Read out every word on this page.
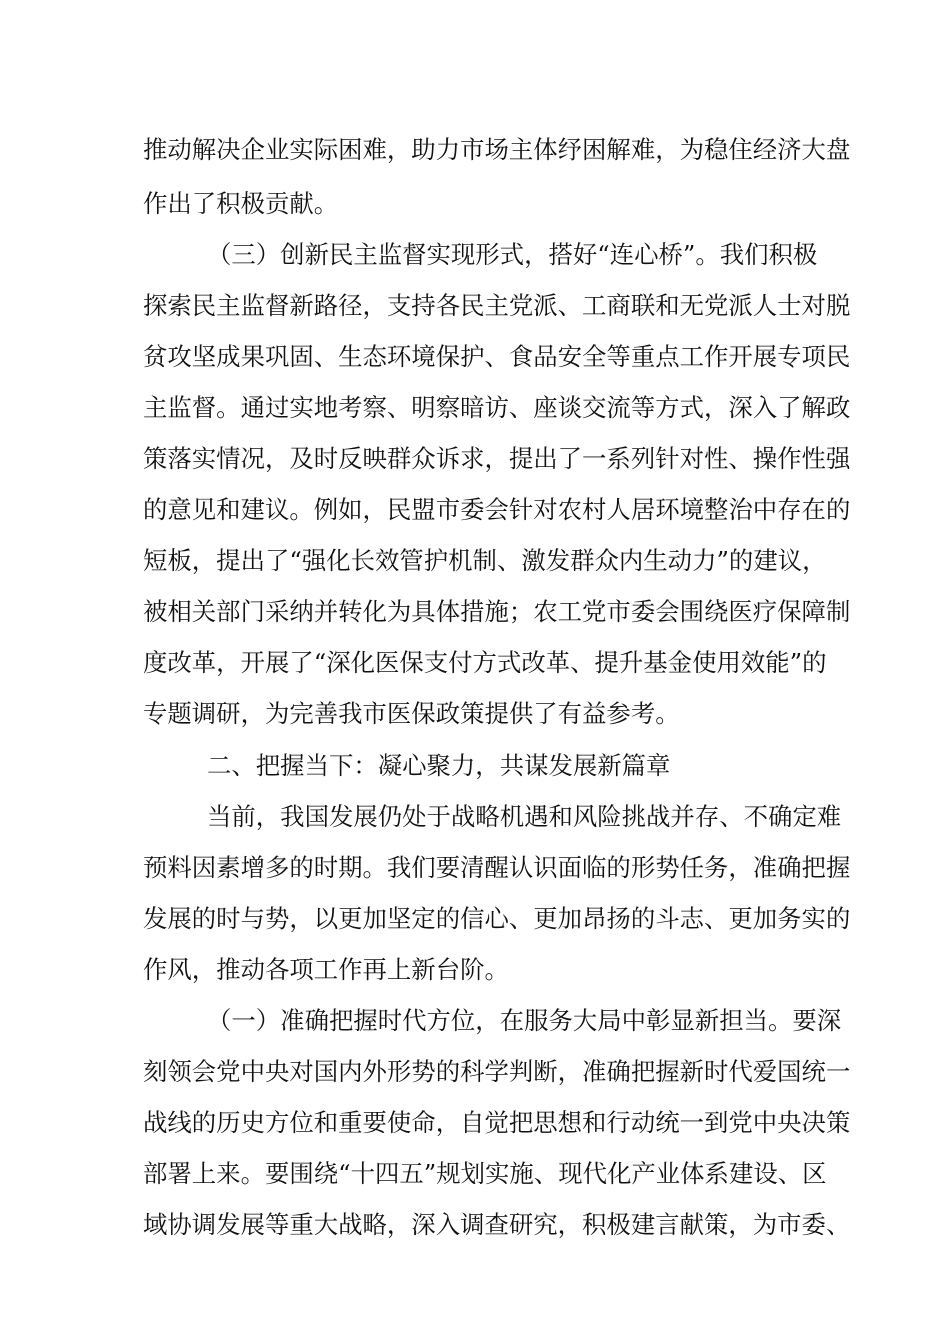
推动解决企业实际困难，助力市场主体纾困解难，为稳住经济大盘
作出了积极贡献。
（三）创新民主监督实现形式，搭好“连心桥”。我们积极
探索民主监督新路径，支持各民主党派、工商联和无党派人士对脱
贫攻坚成果巩固、生态环境保护、食品安全等重点工作开展专项民
主监督。通过实地考察、明察暗访、座谈交流等方式，深入了解政
策落实情况，及时反映群众诉求，提出了一系列针对性、操作性强
的意见和建议。例如，民盟市委会针对农村人居环境整治中存在的
短板，提出了“强化长效管护机制、激发群众内生动力”的建议，
被相关部门采纳并转化为具体措施；农工党市委会围绕医疗保障制
度改革，开展了“深化医保支付方式改革、提升基金使用效能”的
专题调研，为完善我市医保政策提供了有益参考。
二、把握当下：凝心聚力，共谋发展新篇章
当前，我国发展仍处于战略机遇和风险挑战并存、不确定难
预料因素增多的时期。我们要清醒认识面临的形势任务，准确把握
发展的时与势，以更加坚定的信心、更加昂扬的斗志、更加务实的
作风，推动各项工作再上新台阶。
（一）准确把握时代方位，在服务大局中彰显新担当。要深
刻领会党中央对国内外形势的科学判断，准确把握新时代爱国统一
战线的历史方位和重要使命，自觉把思想和行动统一到党中央决策
部署上来。要围绕“十四五”规划实施、现代化产业体系建设、区
域协调发展等重大战略，深入调查研究，积极建言献策，为市委、
